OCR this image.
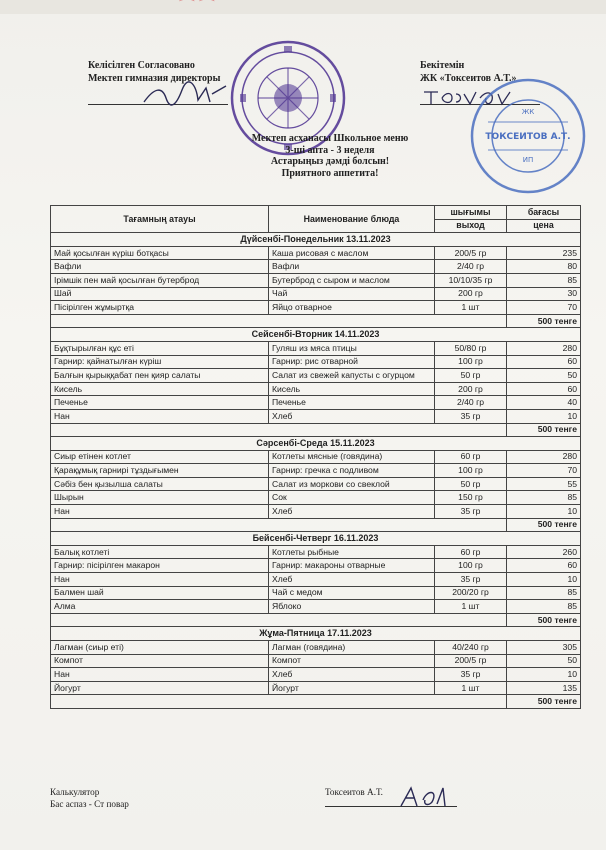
⌒ ⌒
Келісілген Согласовано
Мектеп гимназия директоры
Бекітемін
ЖК «Токсеитов А.Т.»
ЖК
ТОКСЕИТОВ А.Т.
ИП
Мектеп асханасы Школьное меню
3-ші апта - 3 неделя
Астарыңыз дәмді болсын!
Приятного аппетита!
Тағамның атауы	Наименование блюда	шығымы	бағасы
		выход	цена
Дүйсенбі-Понедельник 13.11.2023			
Май қосылған күріш ботқасы	Каша рисовая с маслом	200/5 гр	235
Вафли	Вафли	2/40 гр	80
Ірімшік пен май қосылған бутерброд	Бутерброд с сыром и маслом	10/10/35 гр	85
Шай	Чай	200 гр	30
Пісірілген жұмыртқа	Яйцо отварное	1 шт	70
			500 тенге
Сейсенбі-Вторник 14.11.2023			
Бұқтырылған құс еті	Гуляш из мяса птицы	50/80 гр	280
Гарнир: қайнатылған күріш	Гарнир: рис отварной	100 гр	60
Балғын қырыққабат пен қияр салаты	Салат из свежей капусты с огурцом	50 гр	50
Кисель	Кисель	200 гр	60
Печенье	Печенье	2/40 гр	40
Нан	Хлеб	35 гр	10
			500 тенге
Сәрсенбі-Среда 15.11.2023			
Сиыр етінен котлет	Котлеты мясные (говядина)	60 гр	280
Қарақұмық гарнирі тұздығымен	Гарнир: гречка с подливом	100 гр	70
Сәбіз бен қызылша салаты	Салат из моркови со свеклой	50 гр	55
Шырын	Сок	150 гр	85
Нан	Хлеб	35 гр	10
			500 тенге
Бейсенбі-Четверг 16.11.2023			
Балық котлеті	Котлеты рыбные	60 гр	260
Гарнир: пісірілген макарон	Гарнир: макароны отварные	100 гр	60
Нан	Хлеб	35 гр	10
Балмен шай	Чай с медом	200/20 гр	85
Алма	Яблоко	1 шт	85
			500 тенге
Жұма-Пятница 17.11.2023			
Лагман (сиыр еті)	Лагман (говядина)	40/240 гр	305
Компот	Компот	200/5 гр	50
Нан	Хлеб	35 гр	10
Йогурт	Йогурт	1 шт	135
			500 тенге
Калькулятор
Бас аспаз - Ст повар
Токсеитов А.Т.
